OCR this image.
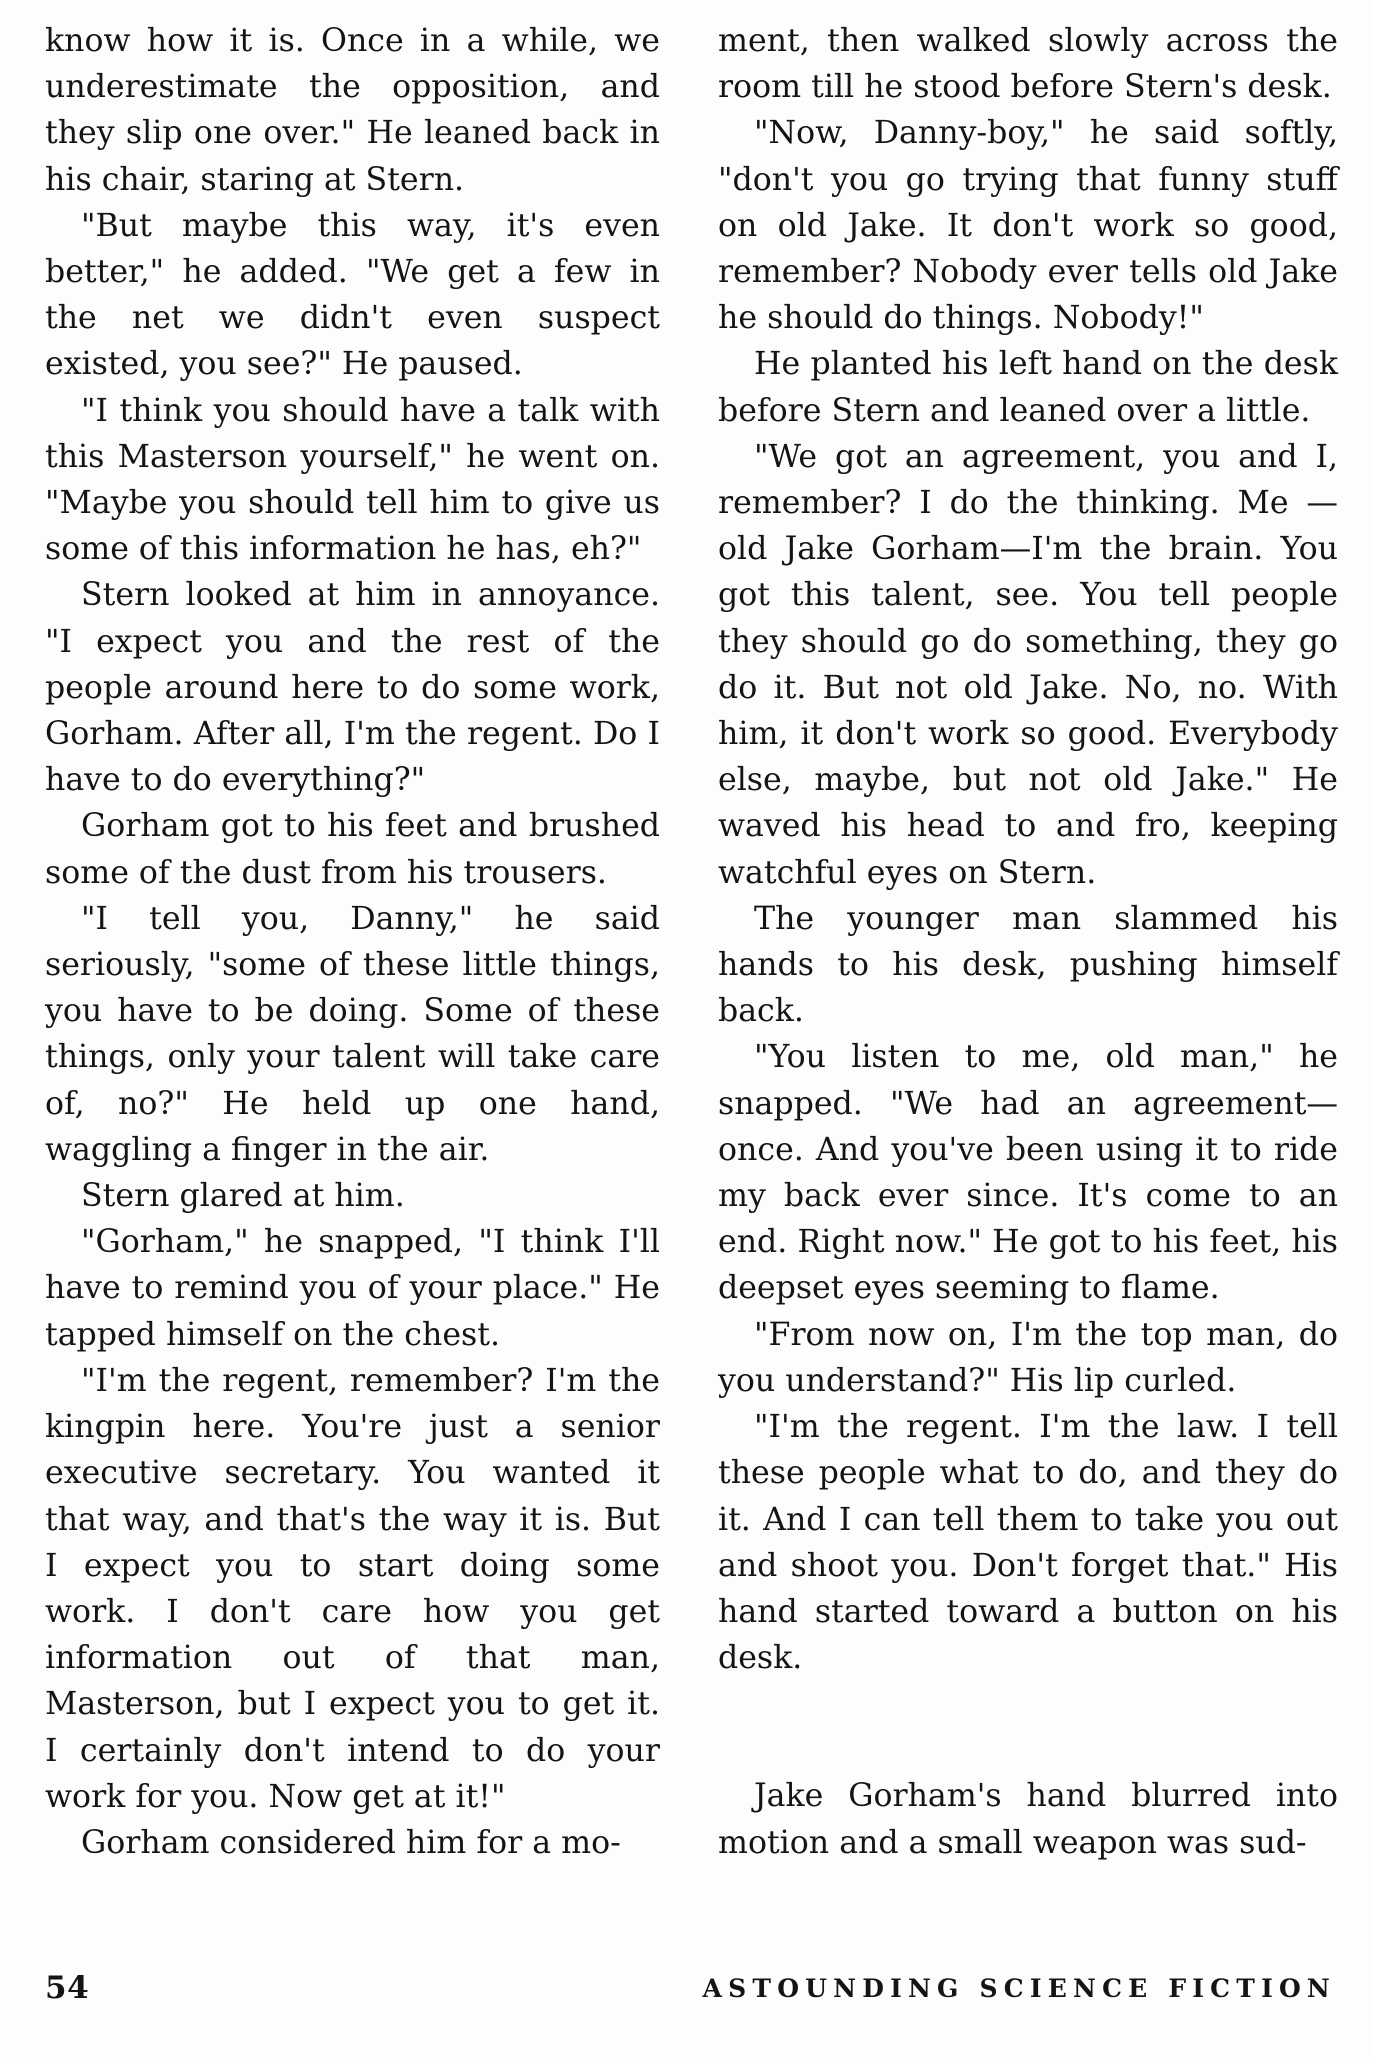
know how it is. Once in a while, we underestimate the opposition, and they slip one over." He leaned back in his chair, staring at Stern.

"But maybe this way, it's even better," he added. "We get a few in the net we didn't even suspect existed, you see?" He paused.

"I think you should have a talk with this Masterson yourself," he went on. "Maybe you should tell him to give us some of this information he has, eh?"

Stern looked at him in annoyance. "I expect you and the rest of the people around here to do some work, Gorham. After all, I'm the regent. Do I have to do everything?"

Gorham got to his feet and brushed some of the dust from his trousers.

"I tell you, Danny," he said seriously, "some of these little things, you have to be doing. Some of these things, only your talent will take care of, no?" He held up one hand, waggling a finger in the air.

Stern glared at him.

"Gorham," he snapped, "I think I'll have to remind you of your place." He tapped himself on the chest.

"I'm the regent, remember? I'm the kingpin here. You're just a senior executive secretary. You wanted it that way, and that's the way it is. But I expect you to start doing some work. I don't care how you get information out of that man, Masterson, but I expect you to get it. I certainly don't intend to do your work for you. Now get at it!"

Gorham considered him for a mo-

ment, then walked slowly across the room till he stood before Stern's desk.

"Now, Danny-boy," he said softly, "don't you go trying that funny stuff on old Jake. It don't work so good, remember? Nobody ever tells old Jake he should do things. Nobody!"

He planted his left hand on the desk before Stern and leaned over a little.

"We got an agreement, you and I, remember? I do the thinking. Me —old Jake Gorham—I'm the brain. You got this talent, see. You tell people they should go do something, they go do it. But not old Jake. No, no. With him, it don't work so good. Everybody else, maybe, but not old Jake." He waved his head to and fro, keeping watchful eyes on Stern.

The younger man slammed his hands to his desk, pushing himself back.

"You listen to me, old man," he snapped. "We had an agreement— once. And you've been using it to ride my back ever since. It's come to an end. Right now." He got to his feet, his deepset eyes seeming to flame.

"From now on, I'm the top man, do you understand?" His lip curled.

"I'm the regent. I'm the law. I tell these people what to do, and they do it. And I can tell them to take you out and shoot you. Don't forget that." His hand started toward a button on his desk.

Jake Gorham's hand blurred into motion and a small weapon was sud-

54	ASTOUNDING SCIENCE FICTION
